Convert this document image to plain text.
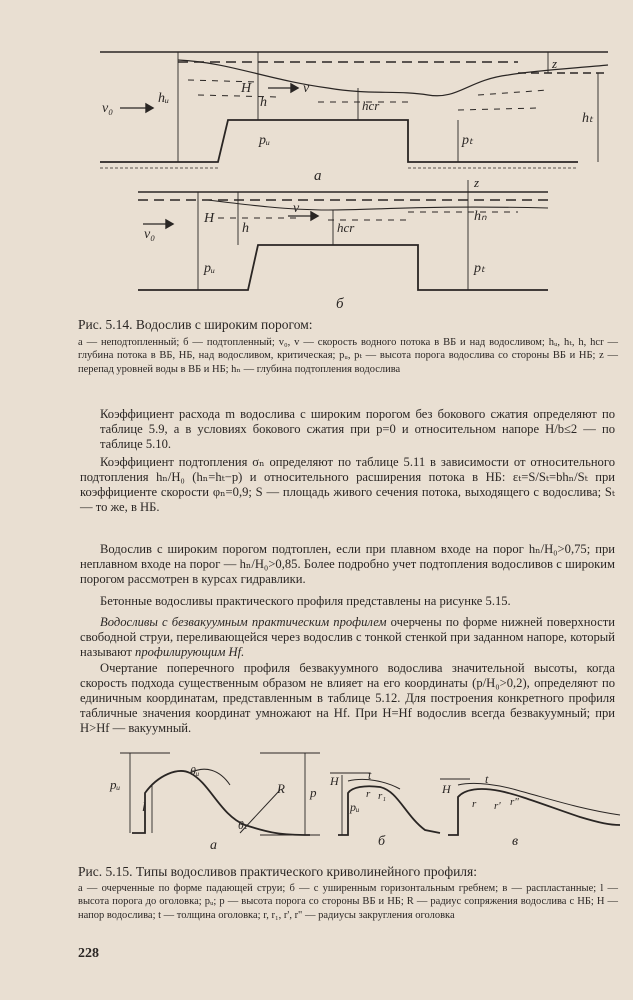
v₀
hᵤ
H
pᵤ
h
v
hcr
z
hₜ
pₜ
а
v₀
H
pᵤ
h
v
hcr
z
hₙ
pₜ
б
Рис. 5.14. Водослив с широким порогом:
а — неподтопленный; б — подтопленный; v₀, v — скорость водного потока в ВБ и над водосливом; hᵤ, hₜ, h, hcr — глубина потока в ВБ, НБ, над водосливом, критическая; pᵤ, pₜ — высота порога водослива со стороны ВБ и НБ; z — перепад уровней воды в ВБ и НБ; hₙ — глубина подтопления водослива
Коэффициент расхода m водослива с широким порогом без бокового сжатия определяют по таблице 5.9, а в условиях бокового сжатия при p=0 и относительном напоре H/b≤2 — по таблице 5.10.
Коэффициент подтопления σₙ определяют по таблице 5.11 в зависимости от относительного подтопления hₙ/H₀ (hₙ=hₜ−p) и относительного расширения потока в НБ: εₜ=S/Sₜ=bhₙ/Sₜ при коэффициенте скорости φₙ=0,9; S — площадь живого сечения потока, выходящего с водослива; Sₜ — то же, в НБ.
Водослив с широким порогом подтоплен, если при плавном входе на порог hₙ/H₀>0,75; при неплавном входе на порог — hₙ/H₀>0,85. Более подробно учет подтопления водосливов с широким порогом рассмотрен в курсах гидравлики.
Бетонные водосливы практического профиля представлены на рисунке 5.15.
Водосливы с безвакуумным практическим профилем очерчены по форме нижней поверхности свободной струи, переливающейся через водослив с тонкой стенкой при заданном напоре, который называют профилирующим Hf.
Очертание поперечного профиля безвакуумного водослива значительной высоты, когда скорость подхода существенным образом не влияет на его координаты (p/H₀>0,2), определяют по единичным координатам, представленным в таблице 5.12. Для построения конкретного профиля табличные значения координат умножают на Hf. При H=Hf водослив всегда безвакуумный; при H>Hf — вакуумный.
pᵤ
l
θᵤ
R p
θₜ
а
H t
pᵤ
r r₁
б
H
t
r r' r"
в
Рис. 5.15. Типы водосливов практического криволинейного профиля:
а — очерченные по форме падающей струи; б — с уширенным горизонтальным гребнем; в — распластанные; l — высота порога до оголовка; pᵤ; p — высота порога со стороны ВБ и НБ; R — радиус сопряжения водослива с НБ; H — напор водослива; t — толщина оголовка; r, r₁, r', r" — радиусы закругления оголовка
228
